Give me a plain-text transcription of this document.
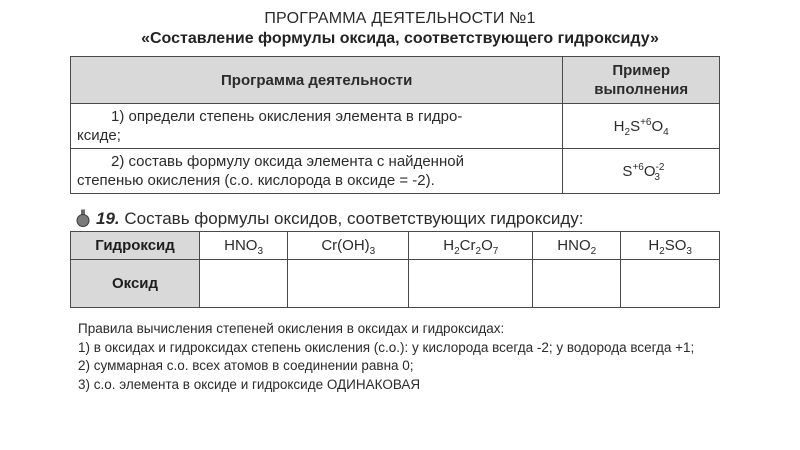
ПРОГРАММА ДЕЯТЕЛЬНОСТИ №1
«Составление формулы оксида, соответствующего гидроксиду»
Программа деятельности	Пример
выполнения
1) определи степень окисления элемента в гидро-
ксиде;	$H_2S^{+6}O_4$
2) составь формулу оксида элемента с найденной
степенью окисления (с.о. кислорода в оксиде = -2).	$S^{+6}O^{-2}_3$
19. Составь формулы оксидов, соответствующих гидроксиду:
Гидроксид	$HNO_3$	$Cr(OH)_3$	$H_2Cr_2O_7$	$HNO_2$	$H_2SO_3$
Оксид					

Правила вычисления степеней окисления в оксидах и гидроксидах:

1) в оксидах и гидроксидах степень окисления (с.о.): у кислорода всегда -2; у водорода всегда +1;

2) суммарная с.о. всех атомов в соединении равна 0;

3) с.о. элемента в оксиде и гидроксиде ОДИНАКОВАЯ
